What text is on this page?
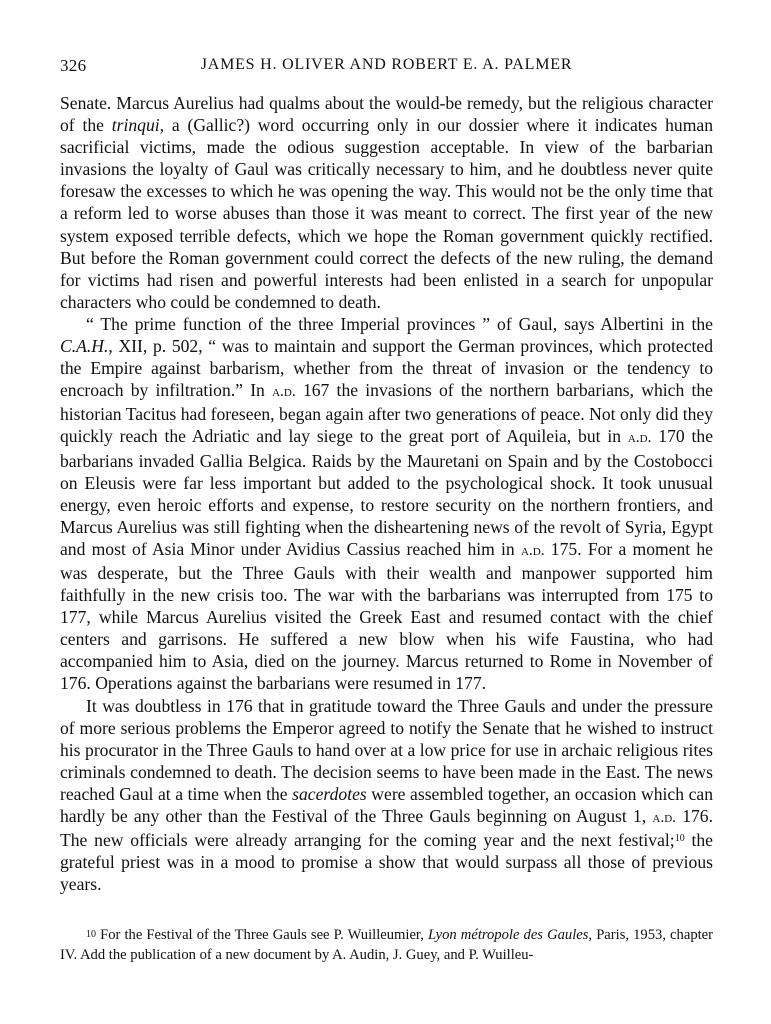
326	JAMES H. OLIVER AND ROBERT E. A. PALMER

Senate. Marcus Aurelius had qualms about the would-be remedy, but the religious character of the trinqui, a (Gallic?) word occurring only in our dossier where it indicates human sacrificial victims, made the odious suggestion acceptable. In view of the barbarian invasions the loyalty of Gaul was critically necessary to him, and he doubtless never quite foresaw the excesses to which he was opening the way. This would not be the only time that a reform led to worse abuses than those it was meant to correct. The first year of the new system exposed terrible defects, which we hope the Roman government quickly rectified. But before the Roman government could correct the defects of the new ruling, the demand for victims had risen and powerful interests had been enlisted in a search for unpopular characters who could be condemned to death.

“ The prime function of the three Imperial provinces ” of Gaul, says Albertini in the C.A.H., XII, p. 502, “ was to maintain and support the German provinces, which protected the Empire against barbarism, whether from the threat of invasion or the tendency to encroach by infiltration.” In a.d. 167 the invasions of the northern barbarians, which the historian Tacitus had foreseen, began again after two generations of peace. Not only did they quickly reach the Adriatic and lay siege to the great port of Aquileia, but in a.d. 170 the barbarians invaded Gallia Belgica. Raids by the Mauretani on Spain and by the Costobocci on Eleusis were far less important but added to the psychological shock. It took unusual energy, even heroic efforts and expense, to restore security on the northern frontiers, and Marcus Aurelius was still fighting when the disheartening news of the revolt of Syria, Egypt and most of Asia Minor under Avidius Cassius reached him in a.d. 175. For a moment he was desperate, but the Three Gauls with their wealth and manpower supported him faithfully in the new crisis too. The war with the barbarians was interrupted from 175 to 177, while Marcus Aurelius visited the Greek East and resumed contact with the chief centers and garrisons. He suffered a new blow when his wife Faustina, who had accompanied him to Asia, died on the journey. Marcus returned to Rome in November of 176. Operations against the barbarians were resumed in 177.

It was doubtless in 176 that in gratitude toward the Three Gauls and under the pressure of more serious problems the Emperor agreed to notify the Senate that he wished to instruct his procurator in the Three Gauls to hand over at a low price for use in archaic religious rites criminals condemned to death. The decision seems to have been made in the East. The news reached Gaul at a time when the sacerdotes were assembled together, an occasion which can hardly be any other than the Festival of the Three Gauls beginning on August 1, a.d. 176. The new officials were already arranging for the coming year and the next festival;$^{10}$ the grateful priest was in a mood to promise a show that would surpass all those of previous years.

$^{10}$ For the Festival of the Three Gauls see P. Wuilleumier, Lyon métropole des Gaules, Paris, 1953, chapter IV. Add the publication of a new document by A. Audin, J. Guey, and P. Wuilleu-
